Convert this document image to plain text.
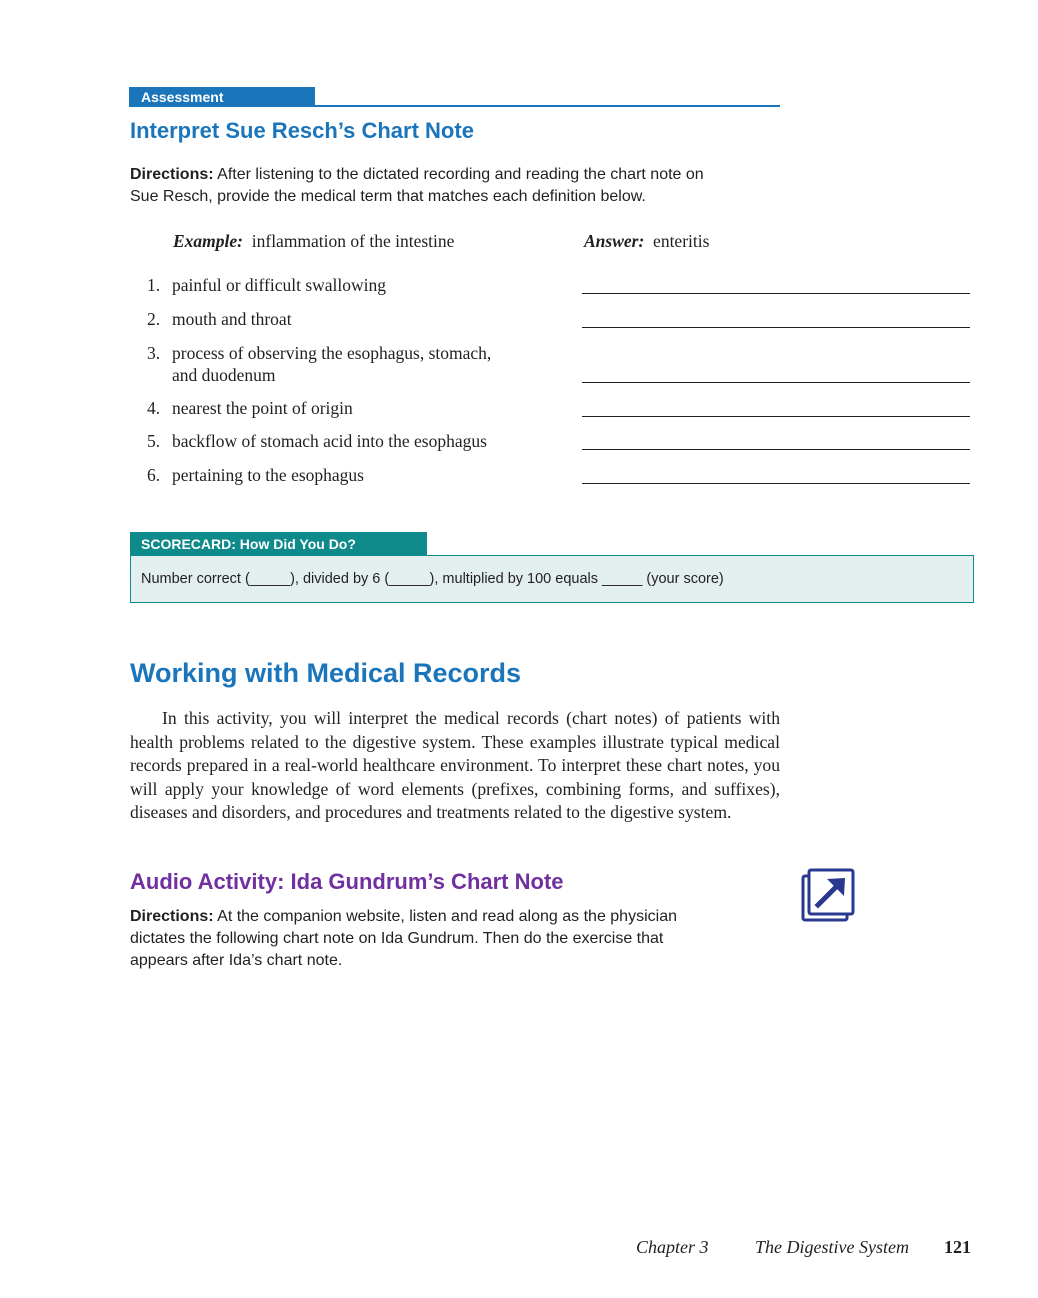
Assessment
Interpret Sue Resch’s Chart Note
Directions: After listening to the dictated recording and reading the chart note on
Sue Resch, provide the medical term that matches each definition below.
Example: inflammation of the intestine	Answer: enteritis
1. painful or difficult swallowing
2. mouth and throat
3. process of observing the esophagus, stomach,
and duodenum
4. nearest the point of origin
5. backflow of stomach acid into the esophagus
6. pertaining to the esophagus
SCORECARD: How Did You Do?
Number correct (_____), divided by 6 (_____), multiplied by 100 equals _____ (your score)
Working with Medical Records
In this activity, you will interpret the medical records (chart notes) of patients with health problems related to the digestive system. These examples illustrate typical medical records prepared in a real-world healthcare environment. To interpret these chart notes, you will apply your knowledge of word elements (prefixes, combining forms, and suffixes), diseases and disorders, and procedures and treatments related to the digestive system.
Audio Activity: Ida Gundrum’s Chart Note
Directions: At the companion website, listen and read along as the physician
dictates the following chart note on Ida Gundrum. Then do the exercise that
appears after Ida’s chart note.
Chapter 3	The Digestive System 121
